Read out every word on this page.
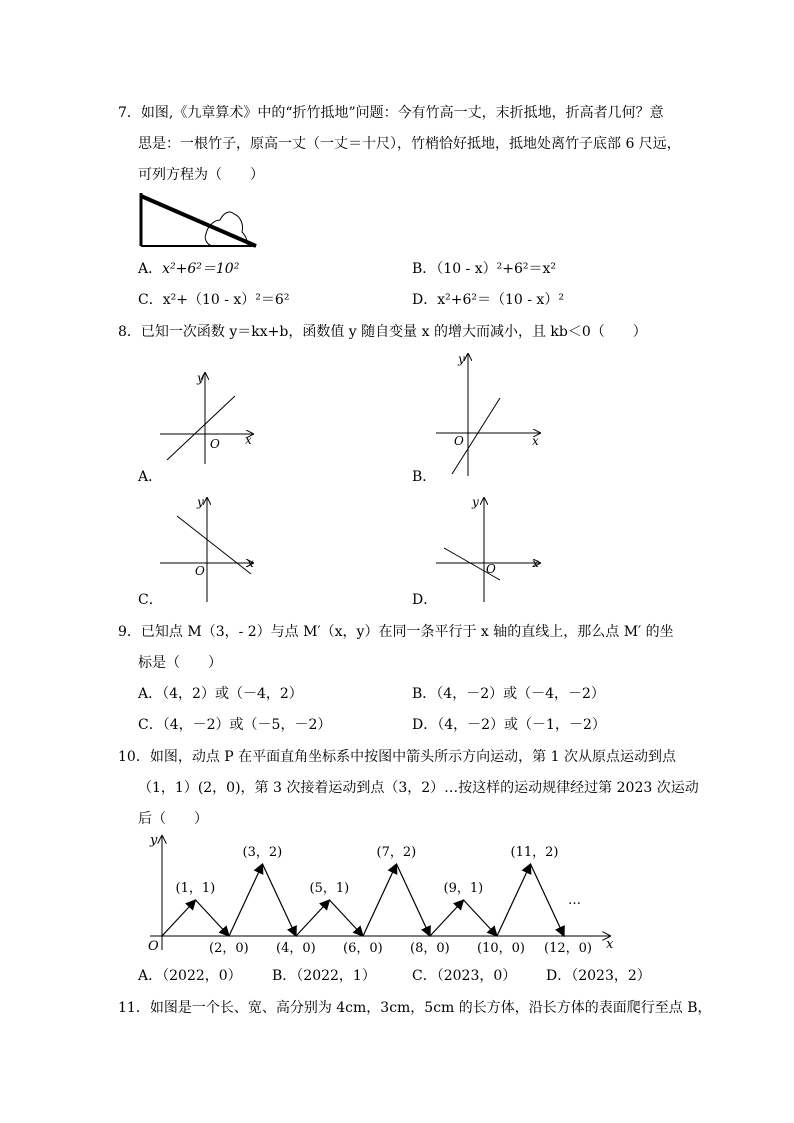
7．如图,《九章算术》中的“折竹抵地”问题：今有竹高一丈，末折抵地，折高者几何？意
思是：一根竹子，原高一丈（一丈＝十尺），竹梢恰好抵地，抵地处离竹子底部 6 尺远，
可列方程为（　　）
A．x²+6²＝10²	B．（10 - x）²+6²＝x²
C．x²+（10 - x）²＝6²	D．x²+6²＝（10 - x）²
8．已知一次函数 y＝kx+b，函数值 y 随自变量 x 的增大而减小，且 kb＜0（　　）
x
y
O
A．
x
y
O
B．
x
y
O
C．
x
y
O
D．
9．已知点 M（3，- 2）与点 M′（x，y）在同一条平行于 x 轴的直线上，那么点 M′ 的坐
标是（　　）
A．（4，2）或（－4，2）	B．（4，－2）或（－4，－2）
C．（4，－2）或（－5，－2）	D．（4，－2）或（－1，－2）
10．如图，动点 P 在平面直角坐标系中按图中箭头所示方向运动，第 1 次从原点运动到点
（1，1）(2，0)，第 3 次接着运动到点（3，2）…按这样的运动规律经过第 2023 次运动
后（　　）
y
x
O
(1，1)
(3，2)
(5，1)
(7，2)
(9，1)
(11，2)
(2，0) (4，0) (6，0) (8，0) (10，0) (12，0)
…
A．（2022，0） B．（2022，1）	C．（2023，0） D．（2023，2）
11．如图是一个长、宽、高分别为 4cm，3cm，5cm 的长方体，沿长方体的表面爬行至点 B，
